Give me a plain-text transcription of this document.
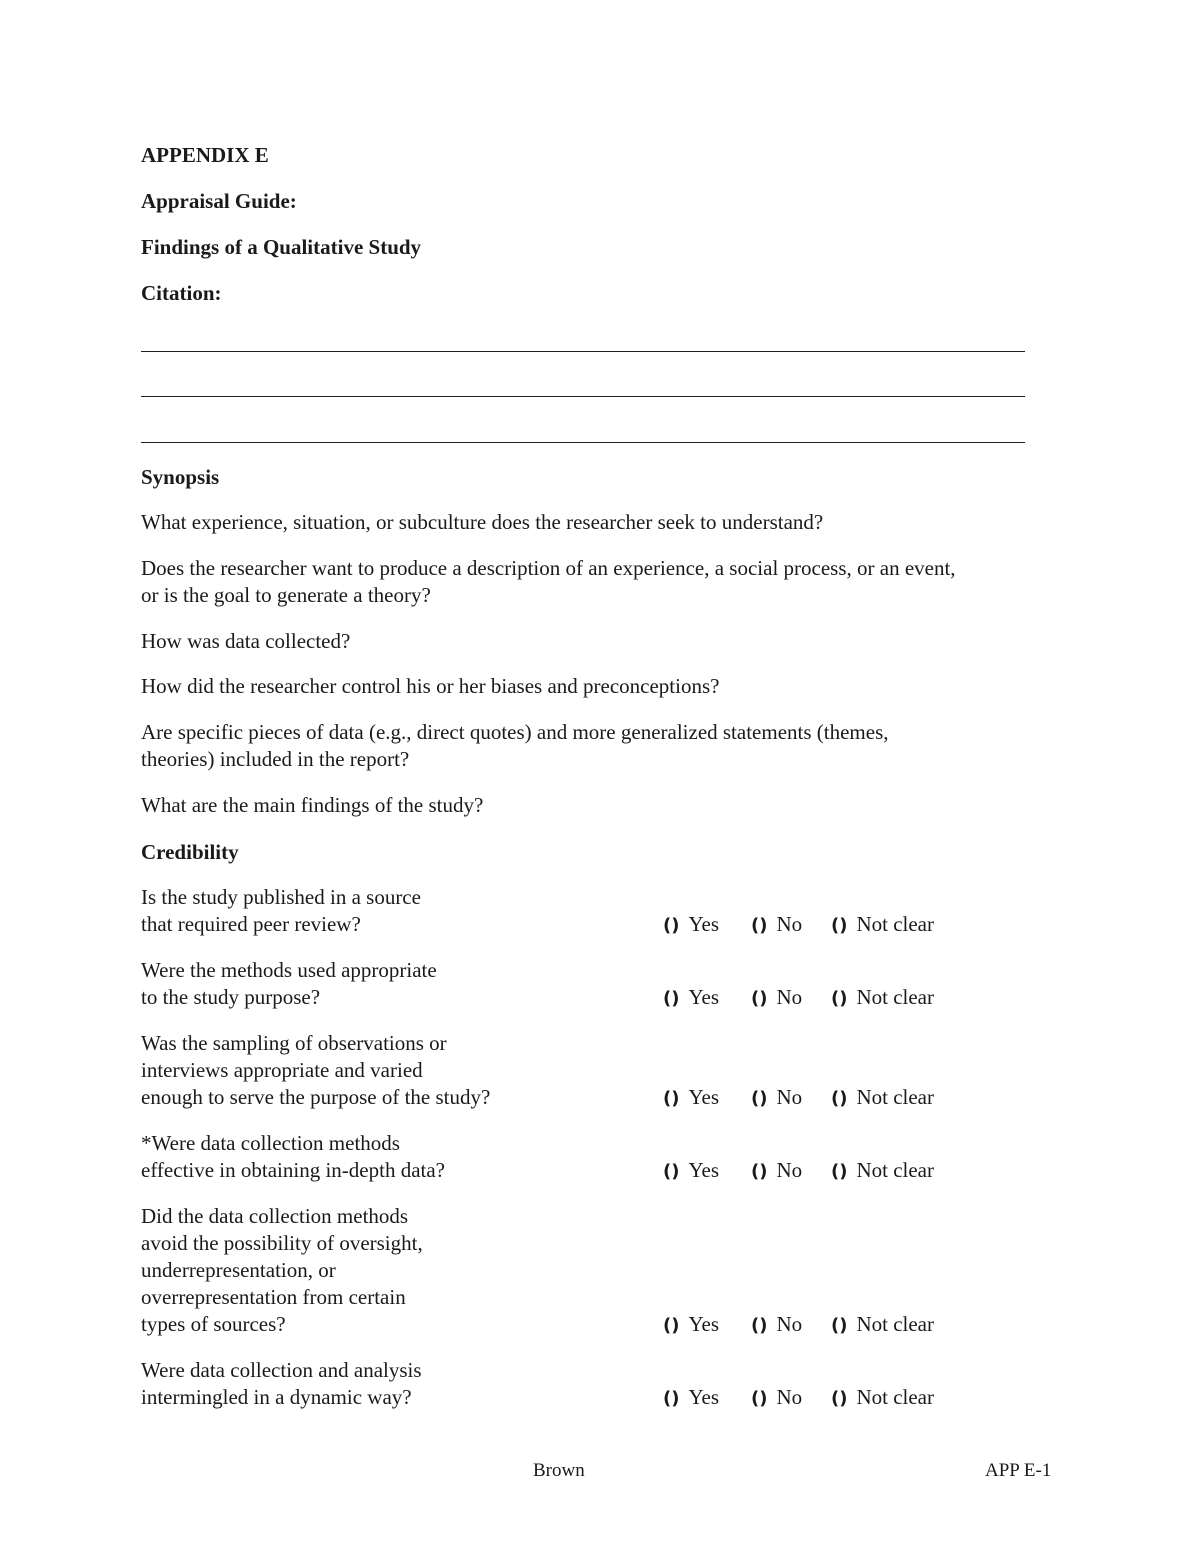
APPENDIX E
Appraisal Guide:
Findings of a Qualitative Study
Citation:
Synopsis
What experience, situation, or subculture does the researcher seek to understand?
Does the researcher want to produce a description of an experience, a social process, or an event,
or is the goal to generate a theory?
How was data collected?
How did the researcher control his or her biases and preconceptions?
Are specific pieces of data (e.g., direct quotes) and more generalized statements (themes,
theories) included in the report?
What are the main findings of the study?
Credibility
Is the study published in a source
that required peer review?	() Yes () No () Not clear
Were the methods used appropriate
to the study purpose?	() Yes () No () Not clear
Was the sampling of observations or
interviews appropriate and varied
enough to serve the purpose of the study?	() Yes () No () Not clear
*Were data collection methods
effective in obtaining in-depth data?	() Yes () No () Not clear
Did the data collection methods
avoid the possibility of oversight,
underrepresentation, or
overrepresentation from certain
types of sources?	() Yes () No () Not clear
Were data collection and analysis
intermingled in a dynamic way?	() Yes () No () Not clear
Brown	APP E-1
